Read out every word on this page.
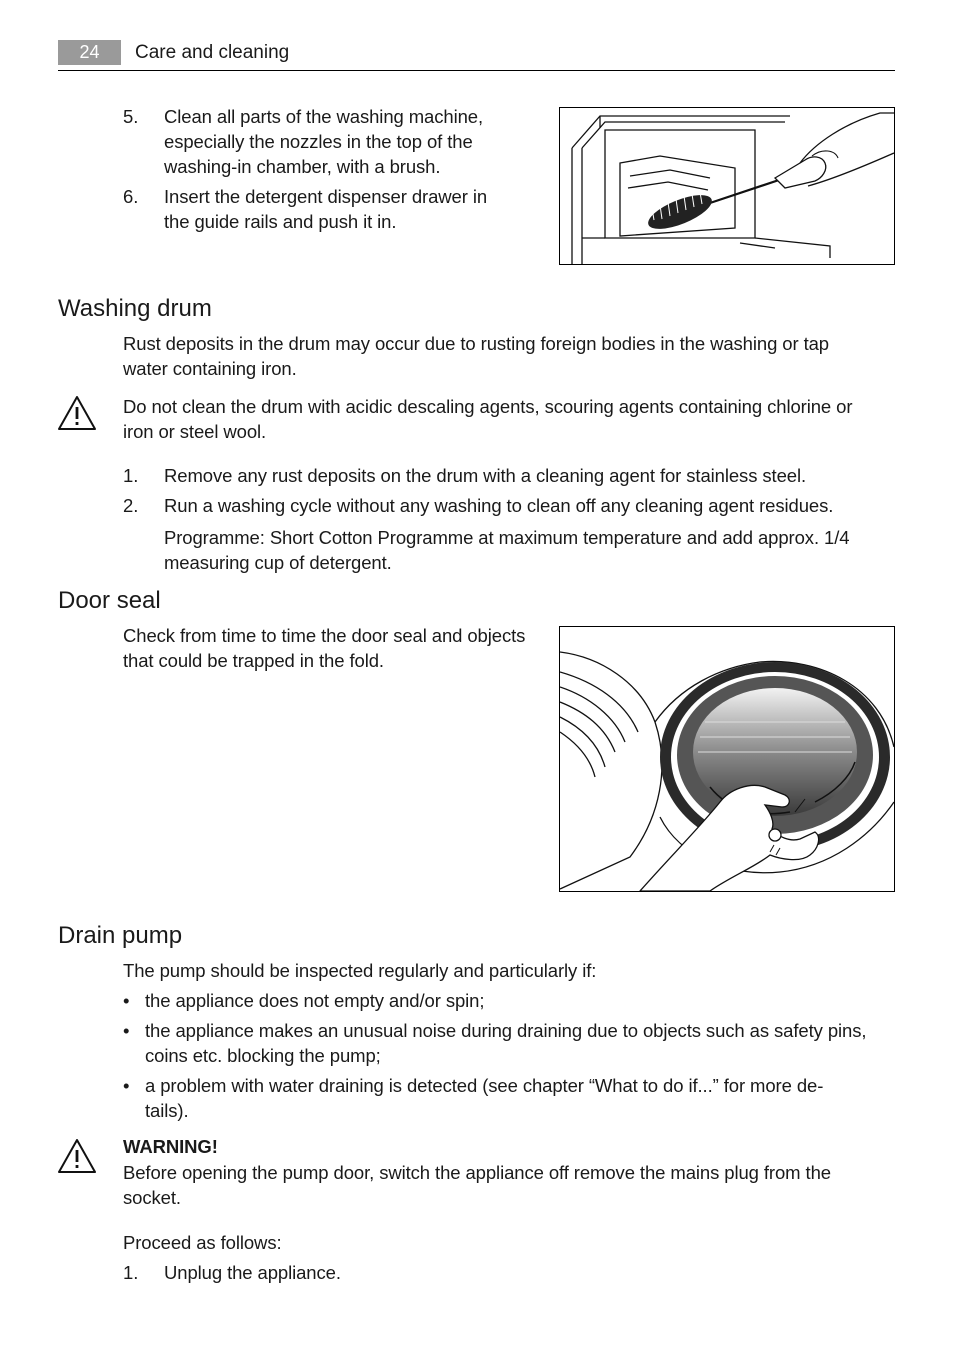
24	Care and cleaning
5. Clean all parts of the washing machine,
especially the nozzles in the top of the
washing-in chamber, with a brush.
6. Insert the detergent dispenser drawer in
the guide rails and push it in.
Washing drum
Rust deposits in the drum may occur due to rusting foreign bodies in the washing or tap
water containing iron.
Do not clean the drum with acidic descaling agents, scouring agents containing chlorine or
iron or steel wool.
1. Remove any rust deposits on the drum with a cleaning agent for stainless steel.
2. Run a washing cycle without any washing to clean off any cleaning agent residues.
Programme: Short Cotton Programme at maximum temperature and add approx. 1/4
measuring cup of detergent.
Door seal
Check from time to time the door seal and objects
that could be trapped in the fold.
Drain pump
The pump should be inspected regularly and particularly if:
• the appliance does not empty and/or spin;
• the appliance makes an unusual noise during draining due to objects such as safety pins,
coins etc. blocking the pump;
• a problem with water draining is detected (see chapter “What to do if...” for more de-
tails).
WARNING!
Before opening the pump door, switch the appliance off remove the mains plug from the
socket.
Proceed as follows:
1. Unplug the appliance.
